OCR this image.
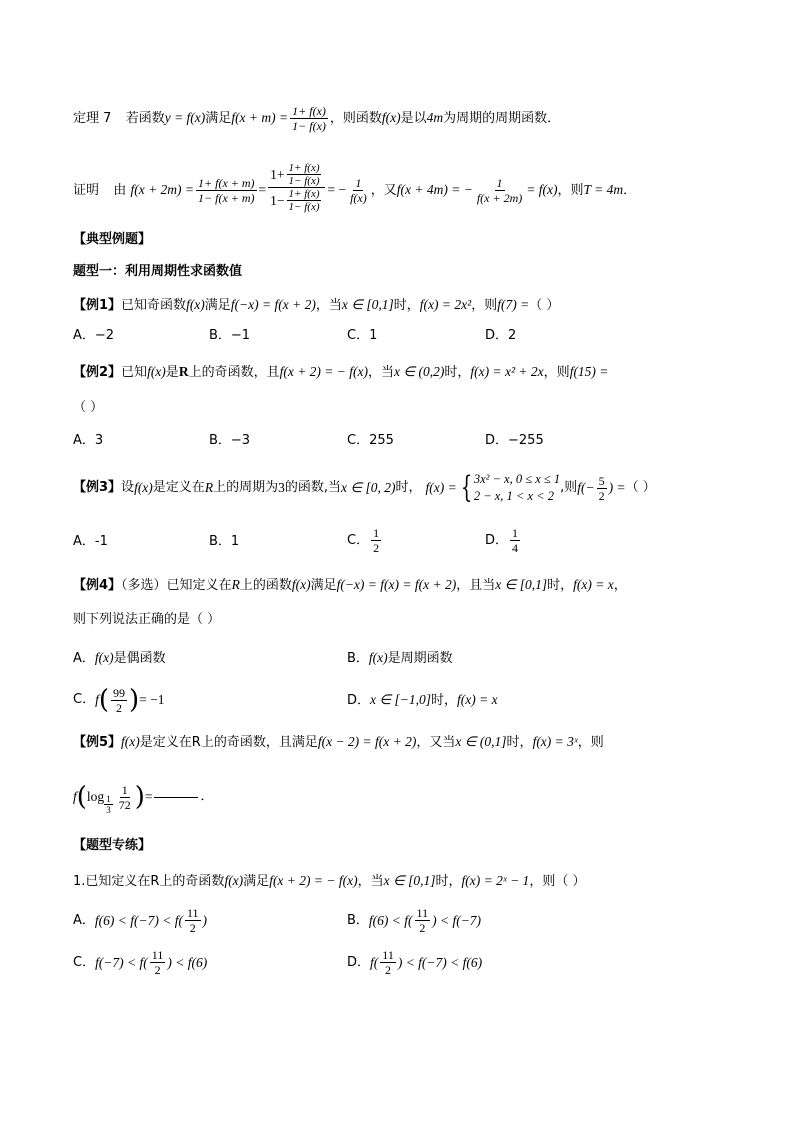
定理 7 若函数y = f(x)满足$f(x + m) = \frac{1+ f(x)}{1- f(x)}$ ，则函数f(x)是以4m为周期的周期函数．
证明 由 $f(x + 2m) = \frac{1+ f(x + m)}{1- f(x + m)} = \frac{1+ \frac{1+ f(x)}{1- f(x)}}{1- \frac{1+ f(x)}{1- f(x)}}$ = − $\frac{1}{f(x)}$ ，又f(x + 4m) = − $\frac{1}{f(x + 2m)} = f(x)$，则T = 4m．
【典型例题】
题型一：利用周期性求函数值
【例1】已知奇函数f(x)满足f(−x) = f(x + 2)，当x ∈ [0,1]时，f(x) = 2x²，则f(7) =（ ）
A．−2	B．−1	C．1	D．2
【例2】已知f(x)是R上的奇函数，且f(x + 2) = − f(x)，当x ∈ (0,2)时，f(x) = x² + 2x，则f(15) =
（ ）
A．3	B．−3	C．255	D．−255
【例3】 设 f(x) 是定义在 R 上的周期为 3 的函数,当 x ∈ [0, 2) 时， f(x) = { 3x² − x, 0 ≤ x ≤ 1
2 − x, 1 < x < 2
,则 $f(- \frac{5}{2}$ ) = （ ）
A．-1	B．1	C． $\frac{1}{2}$	D． $\frac{1}{4}$
【例4】（多选）已知定义在R上的函数f(x)满足f(−x) = f(x) = f(x + 2)，且当x ∈ [0,1]时，f(x) = x，
则下列说法正确的是（ ）
A．f(x)是偶函数	B．f(x)是周期函数
C． f ( $\frac{99}{2}$ ) = −1	D．x ∈ [−1,0]时，f(x) = x
【例5】f(x)是定义在R上的奇函数，且满足f(x − 2) = f(x + 2)，又当x ∈ (0,1]时，f(x) = 3ˣ，则
f ( $\log \frac{1}{3} \frac{1}{72}$ ) =	．
【题型专练】
1.已知定义在R上的奇函数f(x)满足f(x + 2) = − f(x)，当x ∈ [0,1]时，f(x) = 2ˣ − 1，则（ ）
A． $f(6) < f(-7) < f( \frac{11}{2}$ )	B． $f(6) < f( \frac{11}{2}$ ) < f(−7)
C． $f(-7) < f( \frac{11}{2}$ ) < f(6)	D． $f( \frac{11}{2}$ ) < f(−7) < f(6)
